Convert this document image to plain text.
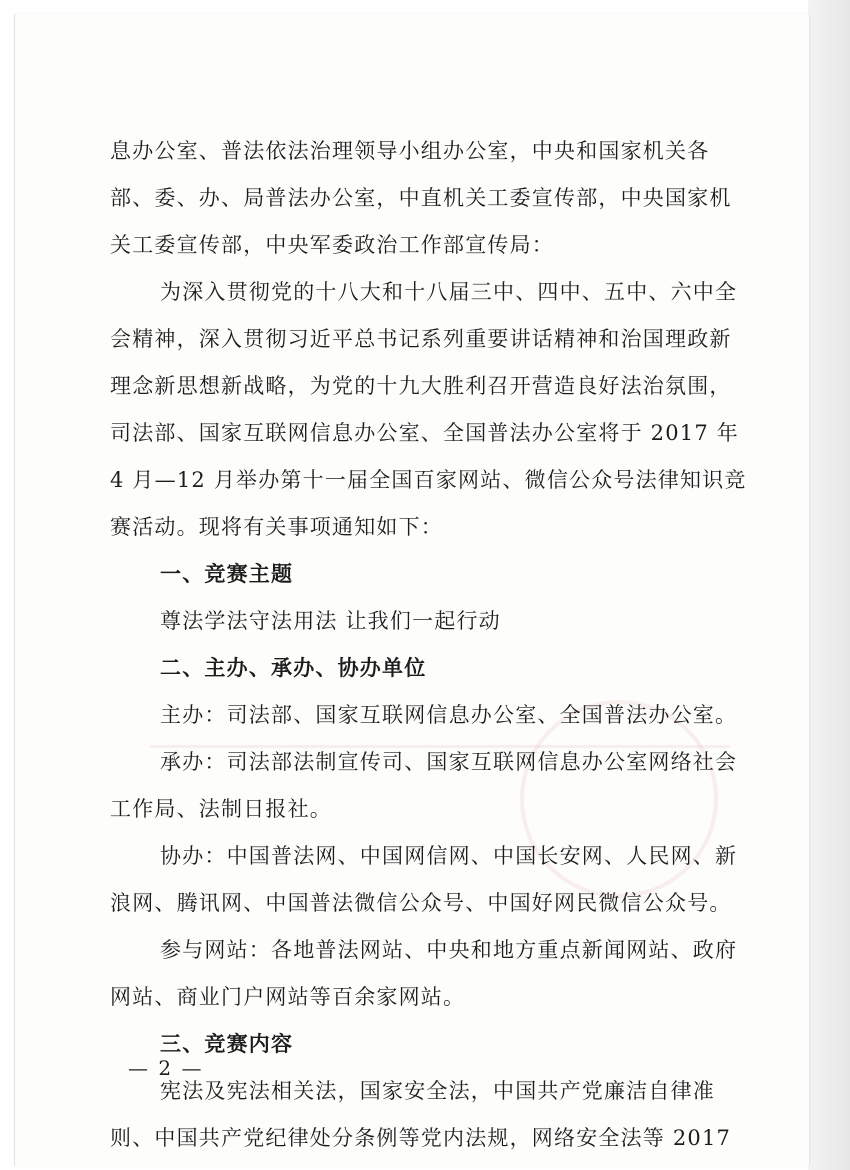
息办公室、普法依法治理领导小组办公室，中央和国家机关各
部、委、办、局普法办公室，中直机关工委宣传部，中央国家机
关工委宣传部，中央军委政治工作部宣传局：
为深入贯彻党的十八大和十八届三中、四中、五中、六中全
会精神，深入贯彻习近平总书记系列重要讲话精神和治国理政新
理念新思想新战略，为党的十九大胜利召开营造良好法治氛围，
司法部、国家互联网信息办公室、全国普法办公室将于 2017 年
4 月—12 月举办第十一届全国百家网站、微信公众号法律知识竞
赛活动。现将有关事项通知如下：
一、竞赛主题
尊法学法守法用法 让我们一起行动
二、主办、承办、协办单位
主办：司法部、国家互联网信息办公室、全国普法办公室。
承办：司法部法制宣传司、国家互联网信息办公室网络社会
工作局、法制日报社。
协办：中国普法网、中国网信网、中国长安网、人民网、新
浪网、腾讯网、中国普法微信公众号、中国好网民微信公众号。
参与网站：各地普法网站、中央和地方重点新闻网站、政府
网站、商业门户网站等百余家网站。
三、竞赛内容
宪法及宪法相关法，国家安全法，中国共产党廉洁自律准
则、中国共产党纪律处分条例等党内法规，网络安全法等 2017
— 2 —
